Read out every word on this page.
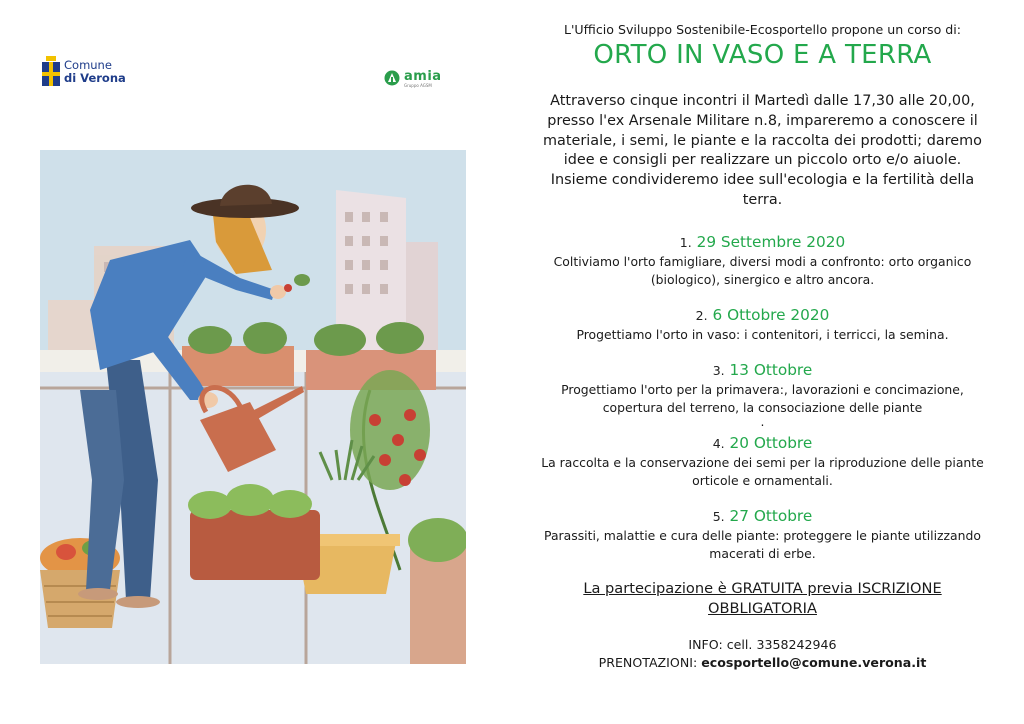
Comune
di Verona	amia
Gruppo AGSM

L'Ufficio Sviluppo Sostenibile-Ecosportello propone un corso di:
ORTO IN VASO E A TERRA
Attraverso cinque incontri il Martedì dalle 17,30 alle 20,00,
presso l'ex Arsenale Militare n.8, impareremo a conoscere il
materiale, i semi, le piante e la raccolta dei prodotti; daremo
idee e consigli per realizzare un piccolo orto e/o aiuole.
Insieme condivideremo idee sull'ecologia e la fertilità della
terra.
1. 29 Settembre 2020
Coltiviamo l'orto famigliare, diversi modi a confronto: orto organico
(biologico), sinergico e altro ancora.
2. 6 Ottobre 2020
Progettiamo l'orto in vaso: i contenitori, i terricci, la semina.
3. 13 Ottobre
Progettiamo l'orto per la primavera:, lavorazioni e concimazione,
copertura del terreno, la consociazione delle piante
.
4. 20 Ottobre
La raccolta e la conservazione dei semi per la riproduzione delle piante
orticole e ornamentali.
5. 27 Ottobre
Parassiti, malattie e cura delle piante: proteggere le piante utilizzando
macerati di erbe.
La partecipazione è GRATUITA previa ISCRIZIONE
OBBLIGATORIA
INFO: cell. 3358242946
PRENOTAZIONI: ecosportello@comune.verona.it
